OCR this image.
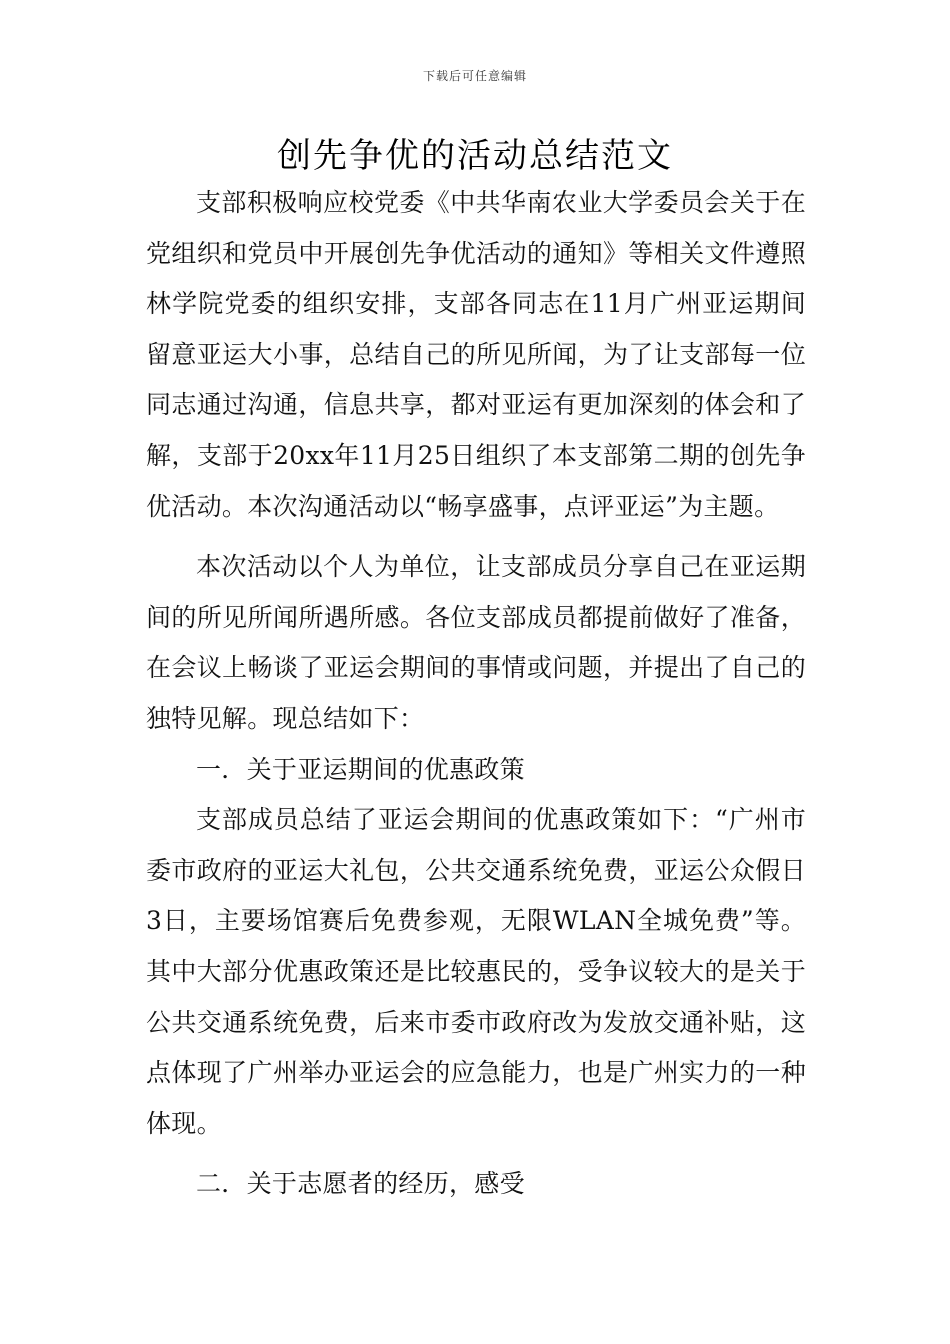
下载后可任意编辑
创先争优的活动总结范文

支部积极响应校党委《中共华南农业大学委员会关于在党组织和党员中开展创先争优活动的通知》等相关文件遵照林学院党委的组织安排，支部各同志在11月广州亚运期间留意亚运大小事，总结自己的所见所闻，为了让支部每一位同志通过沟通，信息共享，都对亚运有更加深刻的体会和了解，支部于20xx年11月25日组织了本支部第二期的创先争优活动。本次沟通活动以“畅享盛事，点评亚运”为主题。

本次活动以个人为单位，让支部成员分享自己在亚运期间的所见所闻所遇所感。各位支部成员都提前做好了准备，在会议上畅谈了亚运会期间的事情或问题，并提出了自己的独特见解。现总结如下：

一．关于亚运期间的优惠政策

支部成员总结了亚运会期间的优惠政策如下：“广州市委市政府的亚运大礼包，公共交通系统免费，亚运公众假日3日，主要场馆赛后免费参观，无限WLAN全城免费”等。其中大部分优惠政策还是比较惠民的，受争议较大的是关于公共交通系统免费，后来市委市政府改为发放交通补贴，这点体现了广州举办亚运会的应急能力，也是广州实力的一种体现。

二．关于志愿者的经历，感受
